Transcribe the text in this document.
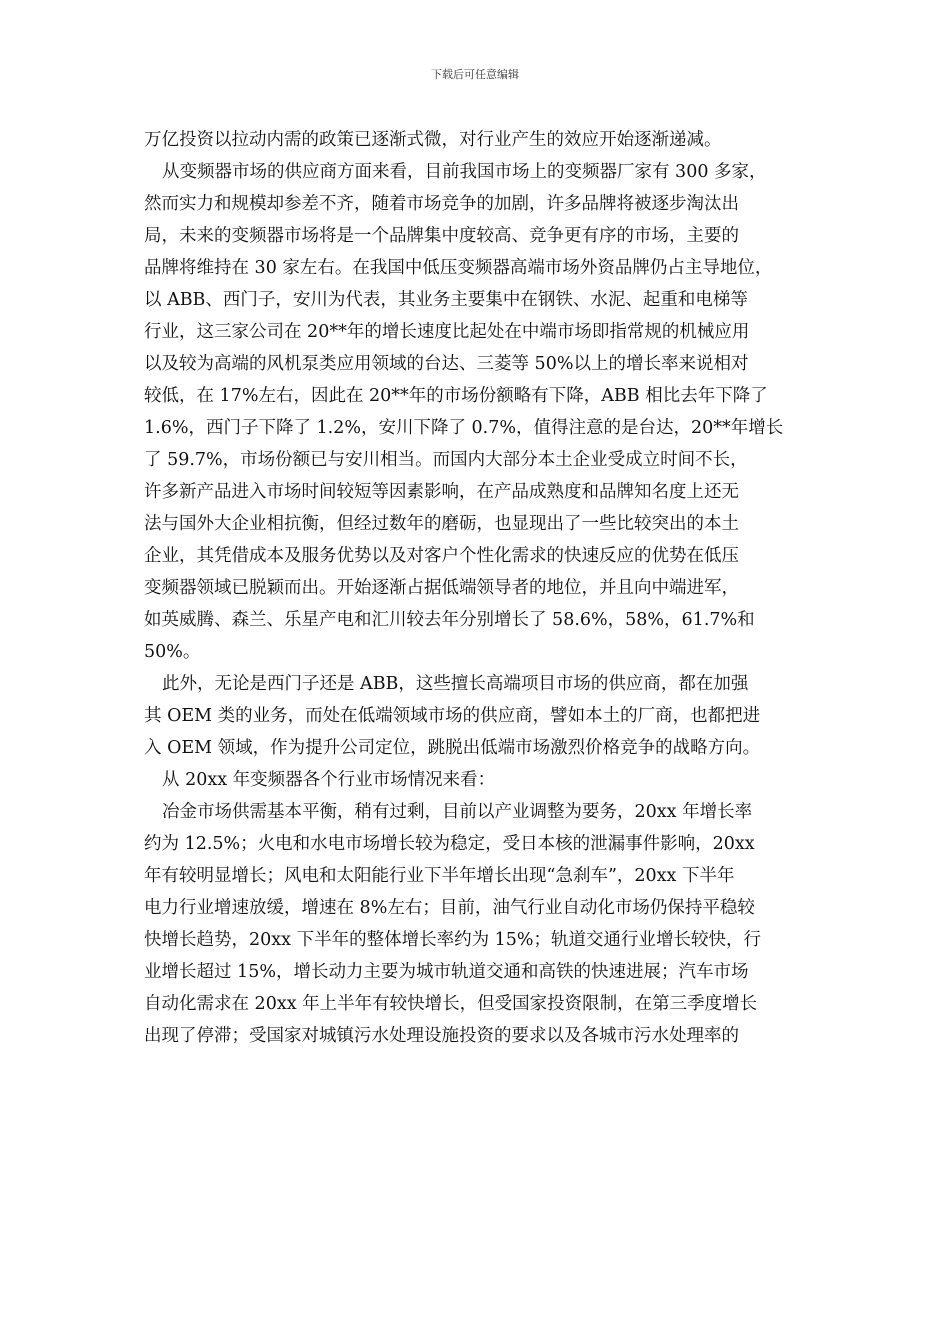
下载后可任意编辑
万亿投资以拉动内需的政策已逐渐式微，对行业产生的效应开始逐渐递减。
从变频器市场的供应商方面来看，目前我国市场上的变频器厂家有 300 多家，
然而实力和规模却参差不齐，随着市场竞争的加剧，许多品牌将被逐步淘汰出
局，未来的变频器市场将是一个品牌集中度较高、竞争更有序的市场，主要的
品牌将维持在 30 家左右。在我国中低压变频器高端市场外资品牌仍占主导地位，
以 ABB、西门子，安川为代表，其业务主要集中在钢铁、水泥、起重和电梯等
行业，这三家公司在 20**年的增长速度比起处在中端市场即指常规的机械应用
以及较为高端的风机泵类应用领域的台达、三菱等 50%以上的增长率来说相对
较低，在 17%左右，因此在 20**年的市场份额略有下降，ABB 相比去年下降了
1.6%，西门子下降了 1.2%，安川下降了 0.7%，值得注意的是台达，20**年增长
了 59.7%，市场份额已与安川相当。而国内大部分本土企业受成立时间不长，
许多新产品进入市场时间较短等因素影响，在产品成熟度和品牌知名度上还无
法与国外大企业相抗衡，但经过数年的磨砺，也显现出了一些比较突出的本土
企业，其凭借成本及服务优势以及对客户个性化需求的快速反应的优势在低压
变频器领域已脱颖而出。开始逐渐占据低端领导者的地位，并且向中端进军，
如英威腾、森兰、乐星产电和汇川较去年分别增长了 58.6%，58%，61.7%和
50%。
此外，无论是西门子还是 ABB，这些擅长高端项目市场的供应商，都在加强
其 OEM 类的业务，而处在低端领域市场的供应商，譬如本土的厂商，也都把进
入 OEM 领域，作为提升公司定位，跳脱出低端市场激烈价格竞争的战略方向。
从 20xx 年变频器各个行业市场情况来看：
冶金市场供需基本平衡，稍有过剩，目前以产业调整为要务，20xx 年增长率
约为 12.5%；火电和水电市场增长较为稳定，受日本核的泄漏事件影响，20xx
年有较明显增长；风电和太阳能行业下半年增长出现“急刹车”，20xx 下半年
电力行业增速放缓，增速在 8%左右；目前，油气行业自动化市场仍保持平稳较
快增长趋势，20xx 下半年的整体增长率约为 15%；轨道交通行业增长较快，行
业增长超过 15%，增长动力主要为城市轨道交通和高铁的快速进展；汽车市场
自动化需求在 20xx 年上半年有较快增长，但受国家投资限制，在第三季度增长
出现了停滞；受国家对城镇污水处理设施投资的要求以及各城市污水处理率的
